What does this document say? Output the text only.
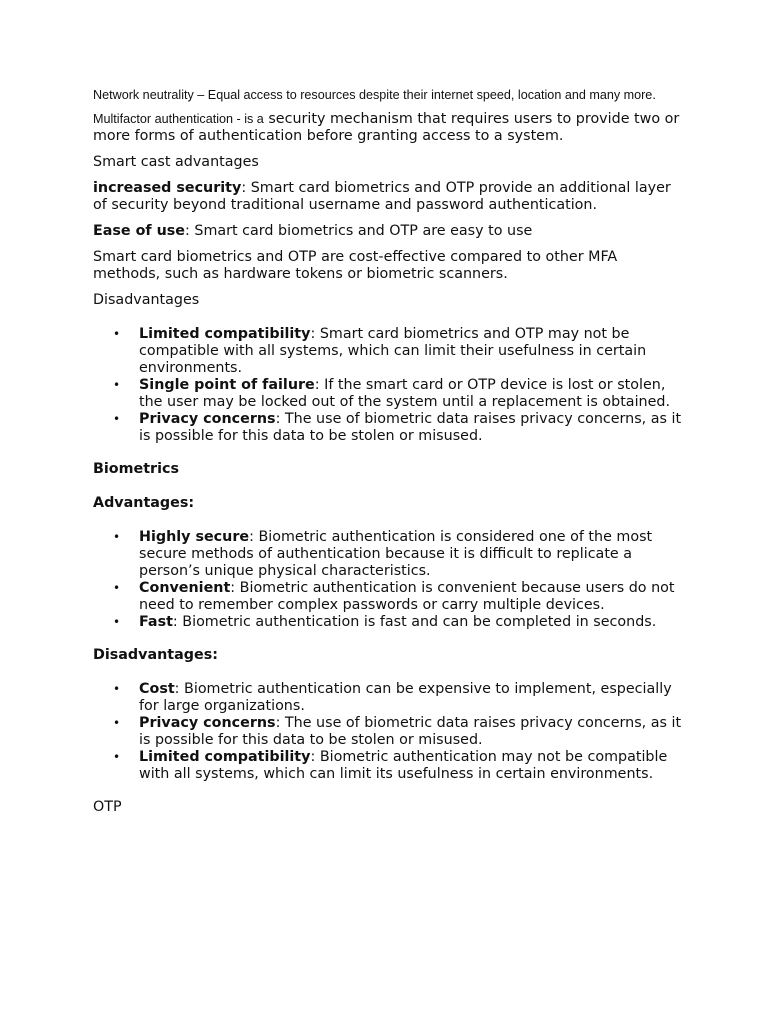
Network neutrality – Equal access to resources despite their internet speed, location and many more.

Multifactor authentication - is a security mechanism that requires users to provide two or more forms of authentication before granting access to a system.

Smart cast advantages

increased security: Smart card biometrics and OTP provide an additional layer of security beyond traditional username and password authentication.

Ease of use: Smart card biometrics and OTP are easy to use

Smart card biometrics and OTP are cost-effective compared to other MFA methods, such as hardware tokens or biometric scanners.

Disadvantages

• Limited compatibility: Smart card biometrics and OTP may not be compatible with all systems, which can limit their usefulness in certain environments.
• Single point of failure: If the smart card or OTP device is lost or stolen, the user may be locked out of the system until a replacement is obtained.
• Privacy concerns: The use of biometric data raises privacy concerns, as it is possible for this data to be stolen or misused.
Biometrics
Advantages:
• Highly secure: Biometric authentication is considered one of the most secure methods of authentication because it is difficult to replicate a person’s unique physical characteristics.
• Convenient: Biometric authentication is convenient because users do not need to remember complex passwords or carry multiple devices.
• Fast: Biometric authentication is fast and can be completed in seconds.
Disadvantages:
• Cost: Biometric authentication can be expensive to implement, especially for large organizations.
• Privacy concerns: The use of biometric data raises privacy concerns, as it is possible for this data to be stolen or misused.
• Limited compatibility: Biometric authentication may not be compatible with all systems, which can limit its usefulness in certain environments.

OTP
